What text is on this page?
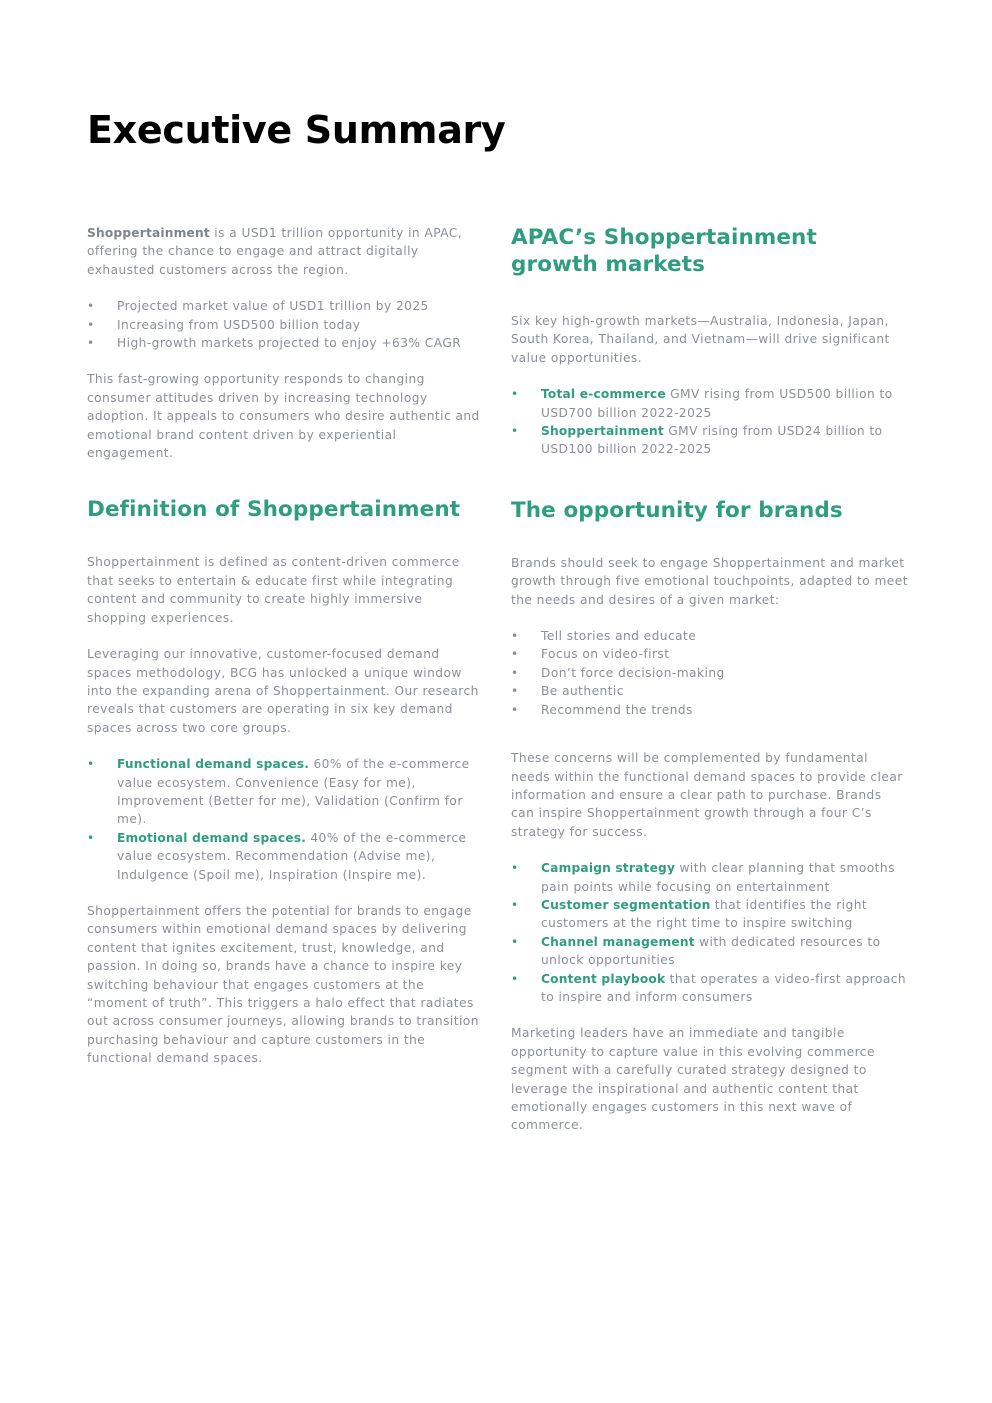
Executive Summary

Shoppertainment is a USD1 trillion opportunity in APAC, offering the chance to engage and attract digitally exhausted customers across the region.

• Projected market value of USD1 trillion by 2025
• Increasing from USD500 billion today
• High-growth markets projected to enjoy +63% CAGR

This fast-growing opportunity responds to changing consumer attitudes driven by increasing technology adoption. It appeals to consumers who desire authentic and emotional brand content driven by experiential engagement.

Definition of Shoppertainment

Shoppertainment is defined as content-driven commerce that seeks to entertain & educate first while integrating content and community to create highly immersive shopping experiences.

Leveraging our innovative, customer-focused demand spaces methodology, BCG has unlocked a unique window into the expanding arena of Shoppertainment. Our research reveals that customers are operating in six key demand spaces across two core groups.

• Functional demand spaces. 60% of the e-commerce value ecosystem. Convenience (Easy for me), Improvement (Better for me), Validation (Confirm for me).
• Emotional demand spaces. 40% of the e-commerce value ecosystem. Recommendation (Advise me), Indulgence (Spoil me), Inspiration (Inspire me).

Shoppertainment offers the potential for brands to engage consumers within emotional demand spaces by delivering content that ignites excitement, trust, knowledge, and passion. In doing so, brands have a chance to inspire key switching behaviour that engages customers at the “moment of truth”. This triggers a halo effect that radiates out across consumer journeys, allowing brands to transition purchasing behaviour and capture customers in the functional demand spaces.

APAC’s Shoppertainment growth markets

Six key high-growth markets—Australia, Indonesia, Japan, South Korea, Thailand, and Vietnam—will drive significant value opportunities.

• Total e-commerce GMV rising from USD500 billion to USD700 billion 2022-2025
• Shoppertainment GMV rising from USD24 billion to USD100 billion 2022-2025
The opportunity for brands

Brands should seek to engage Shoppertainment and market growth through five emotional touchpoints, adapted to meet the needs and desires of a given market:

• Tell stories and educate
• Focus on video-first
• Don’t force decision-making
• Be authentic
• Recommend the trends

These concerns will be complemented by fundamental needs within the functional demand spaces to provide clear information and ensure a clear path to purchase. Brands can inspire Shoppertainment growth through a four C’s strategy for success.

• Campaign strategy with clear planning that smooths pain points while focusing on entertainment
• Customer segmentation that identifies the right customers at the right time to inspire switching
• Channel management with dedicated resources to unlock opportunities
• Content playbook that operates a video-first approach to inspire and inform consumers

Marketing leaders have an immediate and tangible opportunity to capture value in this evolving commerce segment with a carefully curated strategy designed to leverage the inspirational and authentic content that emotionally engages customers in this next wave of commerce.
